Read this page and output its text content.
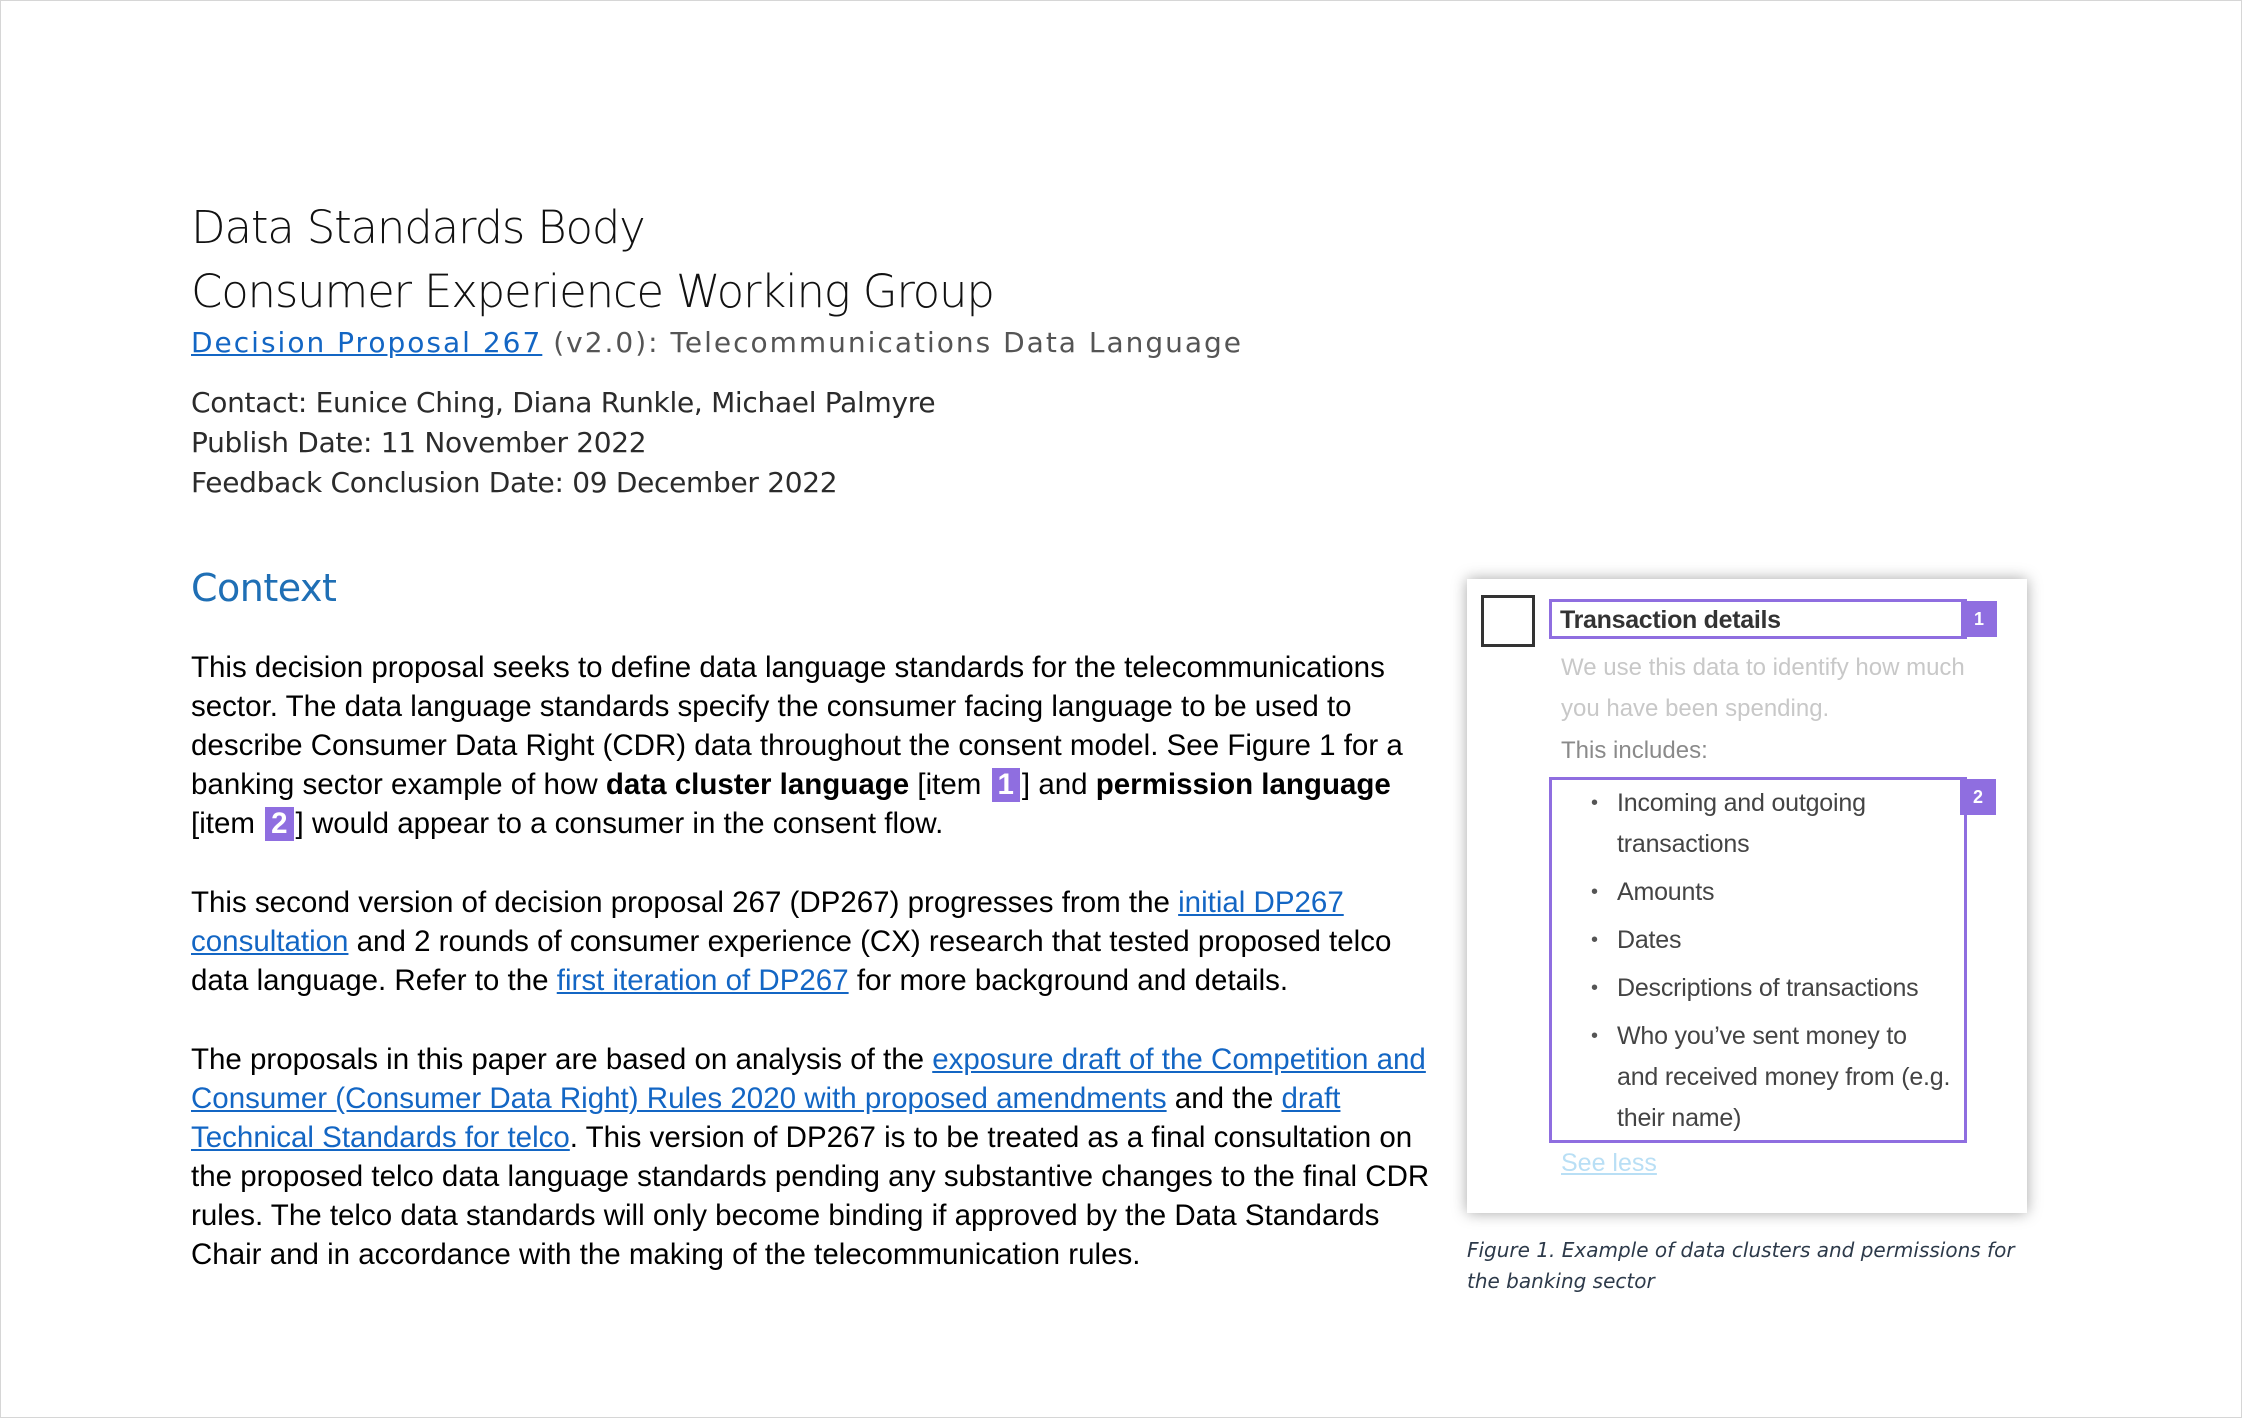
Data Standards Body
Consumer Experience Working Group
Decision Proposal 267 (v2.0): Telecommunications Data Language
Contact: Eunice Ching, Diana Runkle, Michael Palmyre
Publish Date: 11 November 2022
Feedback Conclusion Date: 09 December 2022
Context

This decision proposal seeks to define data language standards for the telecommunications sector. The data language standards specify the consumer facing language to be used to describe Consumer Data Right (CDR) data throughout the consent model. See Figure 1 for a banking sector example of how data cluster language [item 1 ] and permission language [item 2 ] would appear to a consumer in the consent flow.

This second version of decision proposal 267 (DP267) progresses from the initial DP267 consultation and 2 rounds of consumer experience (CX) research that tested proposed telco data language. Refer to the first iteration of DP267 for more background and details.

The proposals in this paper are based on analysis of the exposure draft of the Competition and Consumer (Consumer Data Right) Rules 2020 with proposed amendments and the draft Technical Standards for telco. This version of DP267 is to be treated as a final consultation on the proposed telco data language standards pending any substantive changes to the final CDR rules. The telco data standards will only become binding if approved by the Data Standards Chair and in accordance with the making of the telecommunication rules.

Transaction details	1
We use this data to identify how much you have been spending.
This includes:
2
• Incoming and outgoing transactions
• Amounts
• Dates
• Descriptions of transactions
• Who you’ve sent money to and received money from (e.g. their name)
See less
Figure 1. Example of data clusters and permissions for the banking sector
